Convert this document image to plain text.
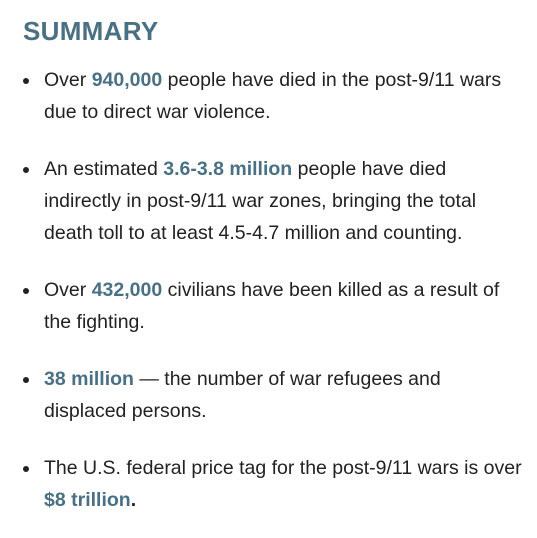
SUMMARY
Over 940,000 people have died in the post-9/11 wars due to direct war violence.
An estimated 3.6-3.8 million people have died indirectly in post-9/11 war zones, bringing the total death toll to at least 4.5-4.7 million and counting.
Over 432,000 civilians have been killed as a result of the fighting.
38 million — the number of war refugees and displaced persons.
The U.S. federal price tag for the post-9/11 wars is over $8 trillion.
